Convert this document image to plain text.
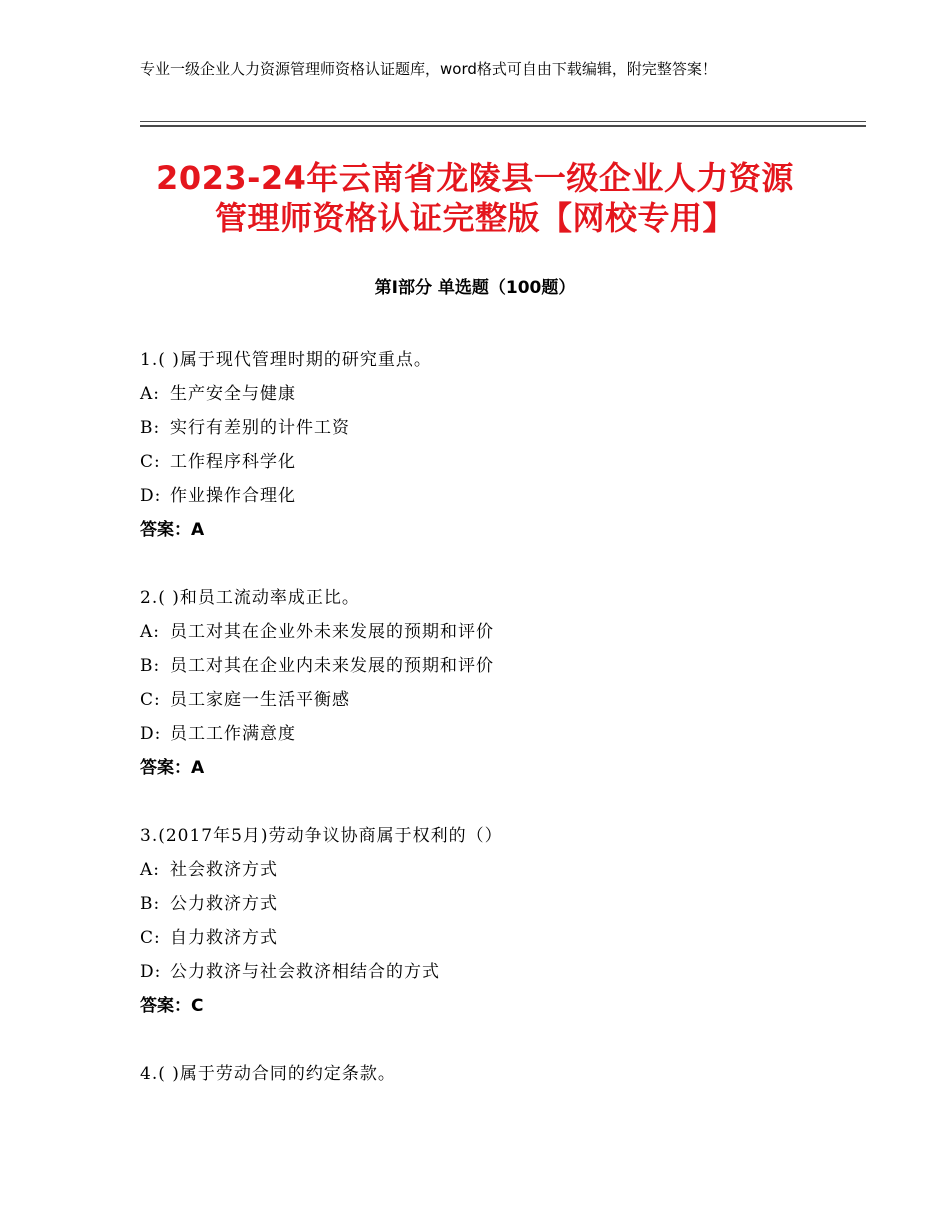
专业一级企业人力资源管理师资格认证题库，word格式可自由下载编辑，附完整答案！
2023-24年云南省龙陵县一级企业人力资源
管理师资格认证完整版【网校专用】
第Ⅰ部分 单选题（100题）
1.( )属于现代管理时期的研究重点。
A: 生产安全与健康
B: 实行有差别的计件工资
C: 工作程序科学化
D: 作业操作合理化
答案：A
2.( )和员工流动率成正比。
A: 员工对其在企业外未来发展的预期和评价
B: 员工对其在企业内未来发展的预期和评价
C: 员工家庭一生活平衡感
D: 员工工作满意度
答案：A
3.(2017年5月)劳动争议协商属于权利的（）
A: 社会救济方式
B: 公力救济方式
C: 自力救济方式
D: 公力救济与社会救济相结合的方式
答案：C
4.( )属于劳动合同的约定条款。
